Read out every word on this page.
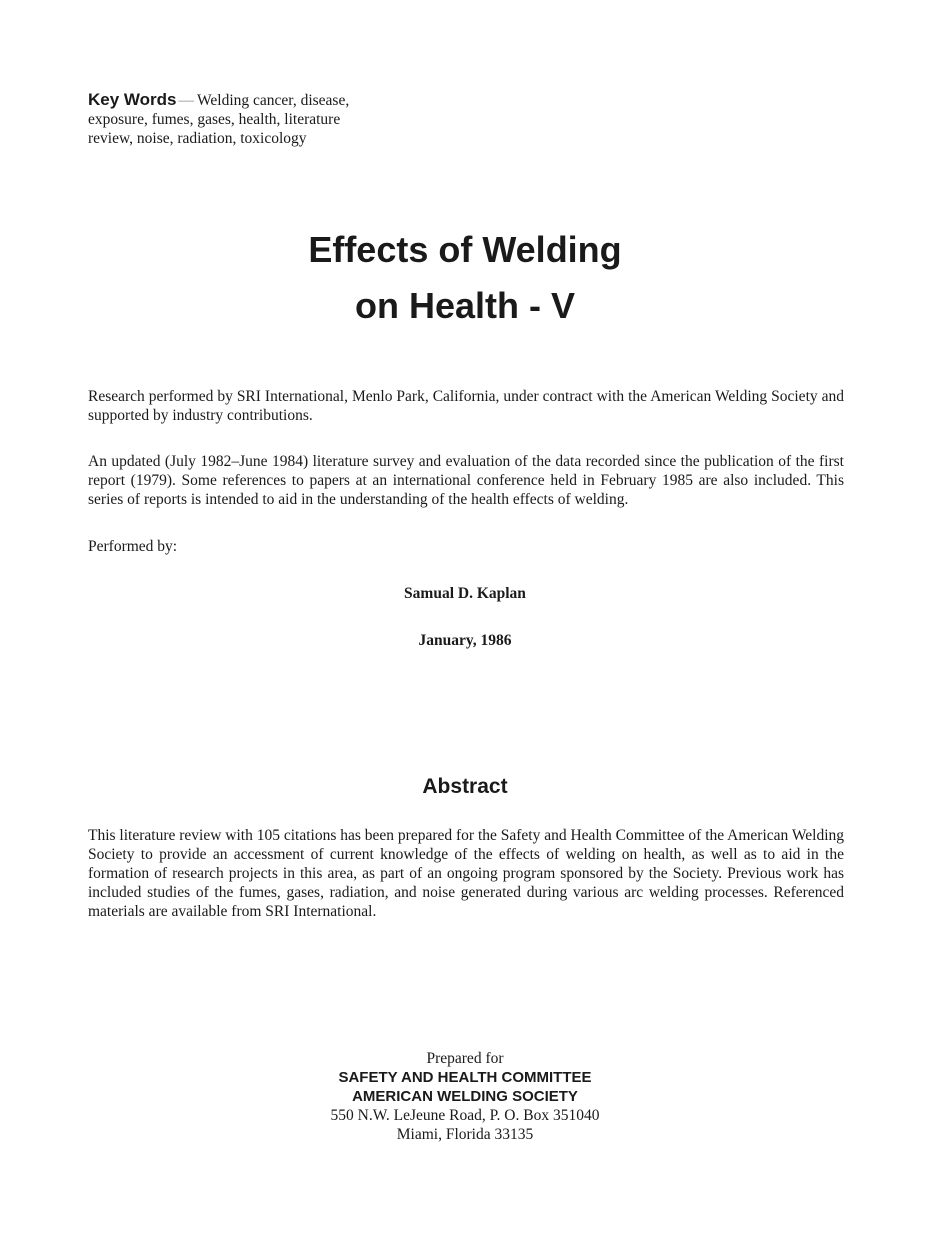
Key Words — Welding cancer, disease, exposure, fumes, gases, health, literature review, noise, radiation, toxicology
Effects of Welding
on Health - V

Research performed by SRI International, Menlo Park, California, under contract with the American Welding Society and supported by industry contributions.

An updated (July 1982–June 1984) literature survey and evaluation of the data recorded since the publication of the first report (1979). Some references to papers at an international conference held in February 1985 are also included. This series of reports is intended to aid in the understanding of the health effects of welding.

Performed by:

Samual D. Kaplan
January, 1986
Abstract

This literature review with 105 citations has been prepared for the Safety and Health Committee of the American Welding Society to provide an accessment of current knowledge of the effects of welding on health, as well as to aid in the formation of research projects in this area, as part of an ongoing program sponsored by the Society. Previous work has included studies of the fumes, gases, radiation, and noise generated during various arc welding processes. Referenced materials are available from SRI International.

Prepared for
SAFETY AND HEALTH COMMITTEE
AMERICAN WELDING SOCIETY
550 N.W. LeJeune Road, P. O. Box 351040
Miami, Florida 33135
